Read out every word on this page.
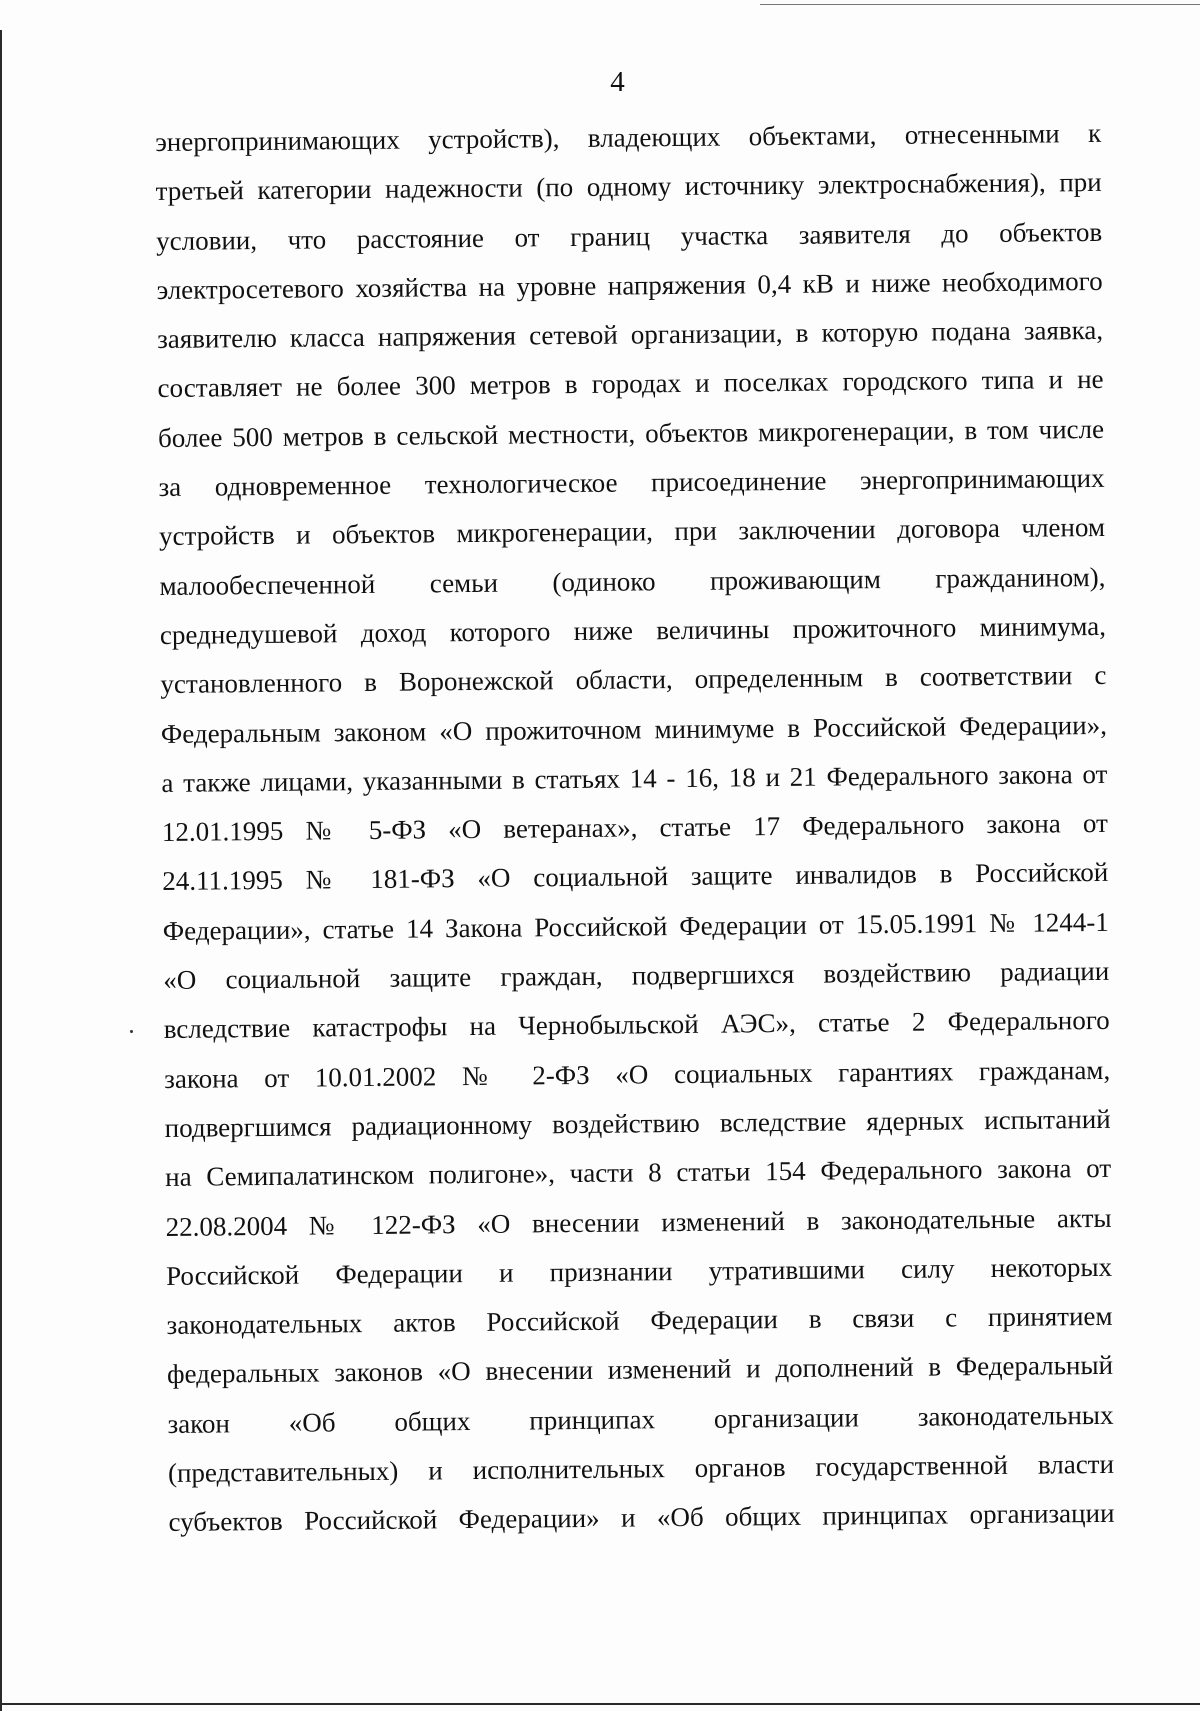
4
энергопринимающих устройств), владеющих объектами, отнесенными к
третьей категории надежности (по одному источнику электроснабжения), при
условии, что расстояние от границ участка заявителя до объектов
электросетевого хозяйства на уровне напряжения 0,4 кВ и ниже необходимого
заявителю класса напряжения сетевой организации, в которую подана заявка,
составляет не более 300 метров в городах и поселках городского типа и не
более 500 метров в сельской местности, объектов микрогенерации, в том числе
за одновременное технологическое присоединение энергопринимающих
устройств и объектов микрогенерации, при заключении договора членом
малообеспеченной семьи (одиноко проживающим гражданином),
среднедушевой доход которого ниже величины прожиточного минимума,
установленного в Воронежской области, определенным в соответствии с
Федеральным законом «О прожиточном минимуме в Российской Федерации»,
а также лицами, указанными в статьях 14 - 16, 18 и 21 Федерального закона от
12.01.1995 № 5-ФЗ «О ветеранах», статье 17 Федерального закона от
24.11.1995 № 181-ФЗ «О социальной защите инвалидов в Российской
Федерации», статье 14 Закона Российской Федерации от 15.05.1991 № 1244-1
«О социальной защите граждан, подвергшихся воздействию радиации
вследствие катастрофы на Чернобыльской АЭС», статье 2 Федерального
закона от 10.01.2002 № 2-ФЗ «О социальных гарантиях гражданам,
подвергшимся радиационному воздействию вследствие ядерных испытаний
на Семипалатинском полигоне», части 8 статьи 154 Федерального закона от
22.08.2004 № 122-ФЗ «О внесении изменений в законодательные акты
Российской Федерации и признании утратившими силу некоторых
законодательных актов Российской Федерации в связи с принятием
федеральных законов «О внесении изменений и дополнений в Федеральный
закон «Об общих принципах организации законодательных
(представительных) и исполнительных органов государственной власти
субъектов Российской Федерации» и «Об общих принципах организации
